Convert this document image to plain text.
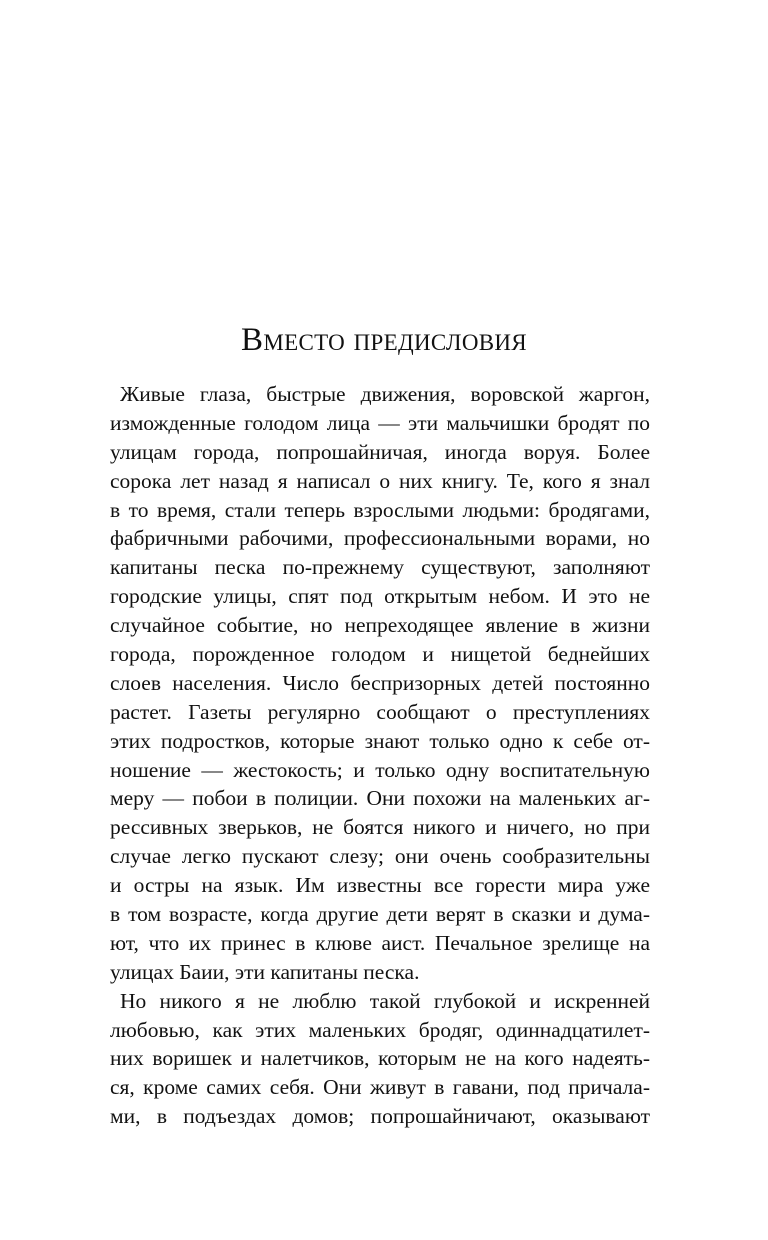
Вместо предисловия
Живые глаза, быстрые движения, воровской жаргон,
изможденные голодом лица — эти мальчишки бродят по
улицам города, попрошайничая, иногда воруя. Более
сорока лет назад я написал о них книгу. Те, кого я знал
в то время, стали теперь взрослыми людьми: бродягами,
фабричными рабочими, профессиональными ворами, но
капитаны песка по-прежнему существуют, заполняют
городские улицы, спят под открытым небом. И это не
случайное событие, но непреходящее явление в жизни
города, порожденное голодом и нищетой беднейших
слоев населения. Число беспризорных детей постоянно
растет. Газеты регулярно сообщают о преступлениях
этих подростков, которые знают только одно к себе от-
ношение — жестокость; и только одну воспитательную
меру — побои в полиции. Они похожи на маленьких аг-
рессивных зверьков, не боятся никого и ничего, но при
случае легко пускают слезу; они очень сообразительны
и остры на язык. Им известны все горести мира уже
в том возрасте, когда другие дети верят в сказки и дума-
ют, что их принес в клюве аист. Печальное зрелище на
улицах Баии, эти капитаны песка.
Но никого я не люблю такой глубокой и искренней
любовью, как этих маленьких бродяг, одиннадцатилет-
них воришек и налетчиков, которым не на кого надеять-
ся, кроме самих себя. Они живут в гавани, под причала-
ми, в подъездах домов; попрошайничают, оказывают
